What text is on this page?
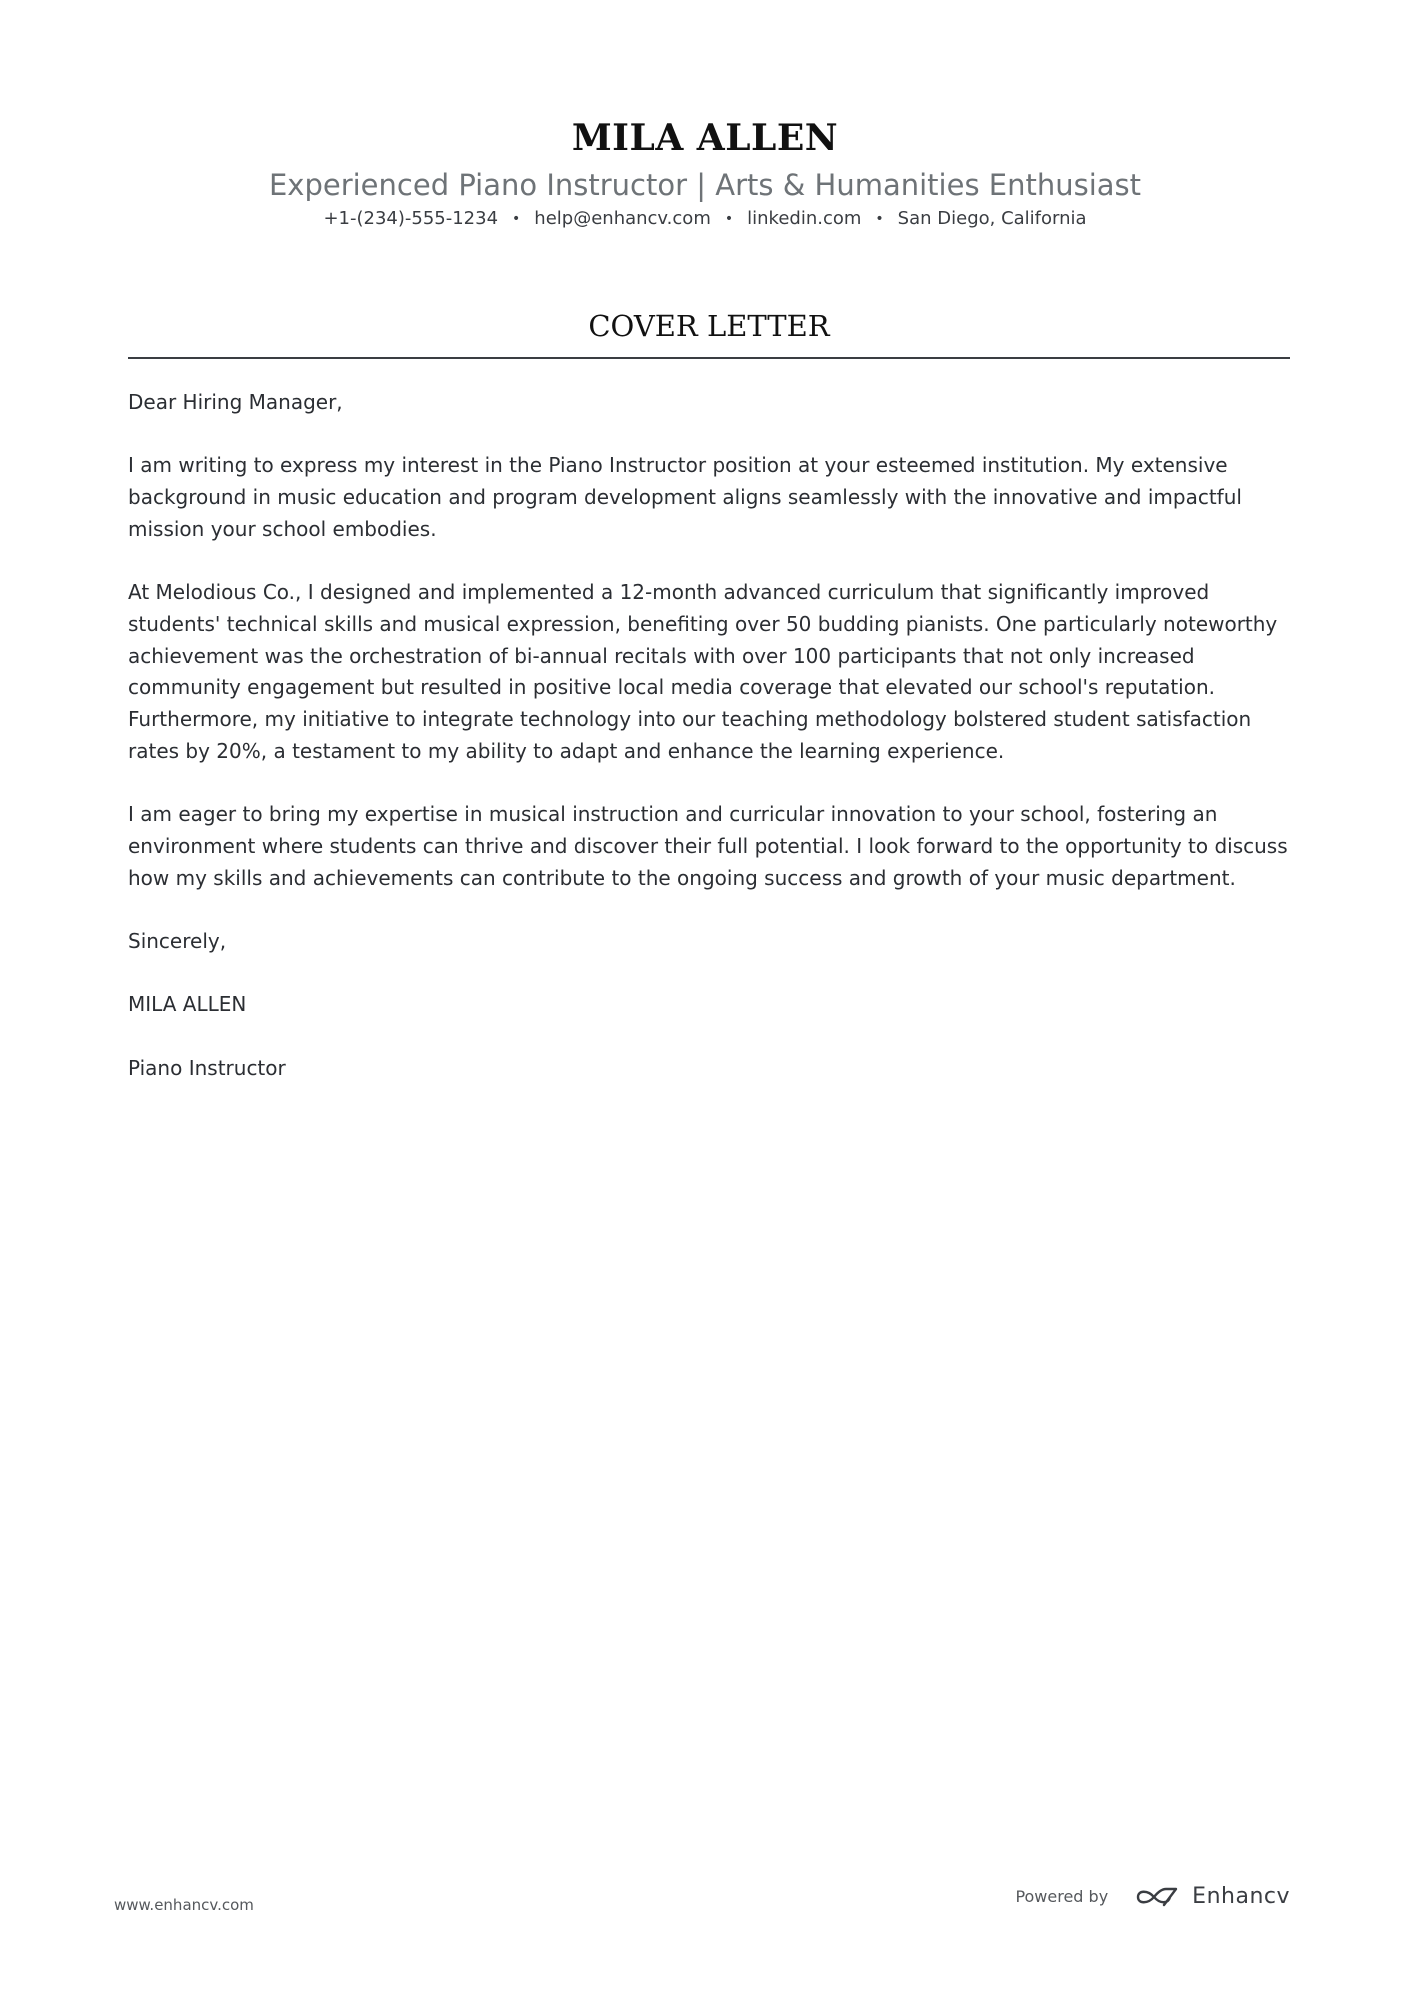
MILA ALLEN
Experienced Piano Instructor | Arts & Humanities Enthusiast
+1-(234)-555-1234 • help@enhancv.com • linkedin.com • San Diego, California
COVER LETTER

Dear Hiring Manager,

I am writing to express my interest in the Piano Instructor position at your esteemed institution. My extensive background in music education and program development aligns seamlessly with the innovative and impactful mission your school embodies.

At Melodious Co., I designed and implemented a 12-month advanced curriculum that significantly improved students' technical skills and musical expression, benefiting over 50 budding pianists. One particularly noteworthy achievement was the orchestration of bi-annual recitals with over 100 participants that not only increased community engagement but resulted in positive local media coverage that elevated our school's reputation. Furthermore, my initiative to integrate technology into our teaching methodology bolstered student satisfaction rates by 20%, a testament to my ability to adapt and enhance the learning experience.

I am eager to bring my expertise in musical instruction and curricular innovation to your school, fostering an environment where students can thrive and discover their full potential. I look forward to the opportunity to discuss how my skills and achievements can contribute to the ongoing success and growth of your music department.

Sincerely,

MILA ALLEN

Piano Instructor

www.enhancv.com	Powered by	Enhancv
